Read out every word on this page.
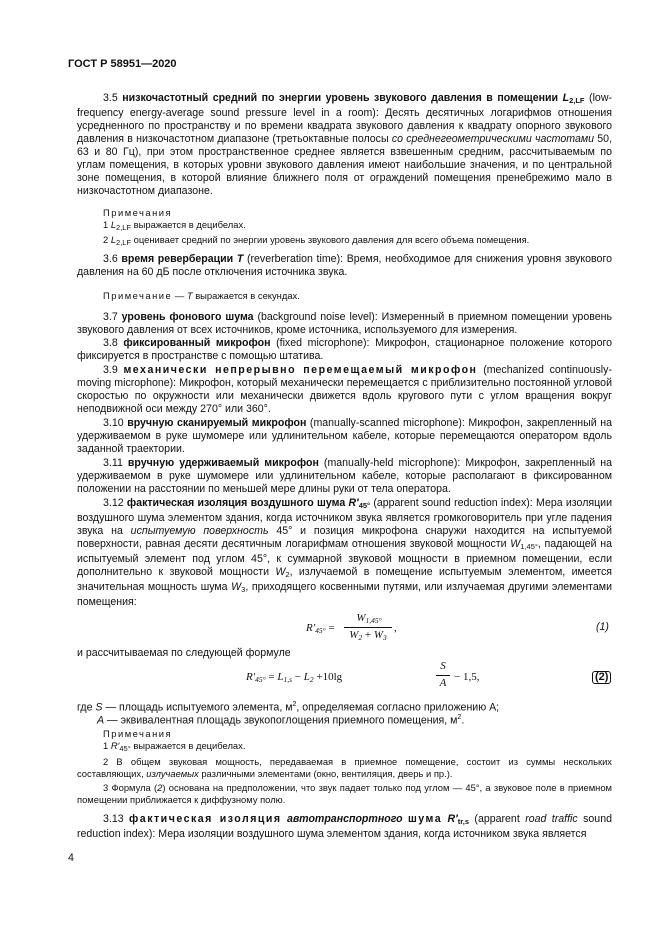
ГОСТ Р 58951—2020

3.5 низкочастотный средний по энергии уровень звукового давления в помещении $L_{2,LF}$ (low-frequency energy-average sound pressure level in a room): Десять десятичных логарифмов отношения усредненного по пространству и по времени квадрата звукового давления к квадрату опорного звукового давления в низкочастотном диапазоне (третьоктавные полосы со среднегеометрическими частотами 50, 63 и 80 Гц), при этом пространственное среднее является взвешенным средним, рассчитываемым по углам помещения, в которых уровни звукового давления имеют наибольшие значения, и по центральной зоне помещения, в которой влияние ближнего поля от ограждений помещения пренебрежимо мало в низкочастотном диапазоне.

Примечания

1 $L_{2,LF}$ выражается в децибелах.

2 $L_{2,LF}$ оценивает средний по энергии уровень звукового давления для всего объема помещения.

3.6 время реверберации T (reverberation time): Время, необходимое для снижения уровня звукового давления на 60 дБ после отключения источника звука.

Примечание — T выражается в секундах.

3.7 уровень фонового шума (background noise level): Измеренный в приемном помещении уровень звукового давления от всех источников, кроме источника, используемого для измерения.

3.8 фиксированный микрофон (fixed microphone): Микрофон, стационарное положение которого фиксируется в пространстве с помощью штатива.

3.9 механически непрерывно перемещаемый микрофон (mechanized continuously-moving microphone): Микрофон, который механически перемещается с приблизительно постоянной угловой скоростью по окружности или механически движется вдоль кругового пути с углом вращения вокруг неподвижной оси между 270° или 360°.

3.10 вручную сканируемый микрофон (manually-scanned microphone): Микрофон, закрепленный на удерживаемом в руке шумомере или удлинительном кабеле, которые перемещаются оператором вдоль заданной траектории.

3.11 вручную удерживаемый микрофон (manually-held microphone): Микрофон, закрепленный на удерживаемом в руке шумомере или удлинительном кабеле, которые располагают в фиксированном положении на расстоянии по меньшей мере длины руки от тела оператора.

3.12 фактическая изоляция воздушного шума $R'_{45^\circ}$ (apparent sound reduction index): Мера изоляции воздушного шума элементом здания, когда источником звука является громкоговоритель при угле падения звука на испытуемую поверхность 45° и позиция микрофона снаружи находится на испытуемой поверхности, равная десяти десятичным логарифмам отношения звуковой мощности $W_{1,45^\circ}$, падающей на испытуемый элемент под углом 45°, к суммарной звуковой мощности в приемном помещении, если дополнительно к звуковой мощности $W_2$, излучаемой в помещение испытуемым элементом, имеется значительная мощность шума $W_3$, приходящего косвенными путями, или излучаемая другими элементами помещения:

$R'_{45^\circ}$ =
$W_{1,45^\circ}$
$W_2 + W_3$
,	(1)

и рассчитываемая по следующей формуле

$R'_{45^\circ} = L_{1,s} - L_2 +10\lg$
S
A − 1,5,	(2)
где S — площадь испытуемого элемента, $м^2$, определяемая согласно приложению А;
A — эквивалентная площадь звукопоглощения приемного помещения, $м^2$.

Примечания

1 $R'_{45^\circ}$ выражается в децибелах.

2 В общем звуковая мощность, передаваемая в приемное помещение, состоит из суммы нескольких составляющих, излучаемых различными элементами (окно, вентиляция, дверь и пр.).

3 Формула (2) основана на предположении, что звук падает только под углом — 45°, а звуковое поле в приемном помещении приближается к диффузному полю.

3.13 фактическая изоляция автотранспортного шума $R'_{tr,s}$ (apparent road traffic sound reduction index): Мера изоляции воздушного шума элементом здания, когда источником звука является

4
